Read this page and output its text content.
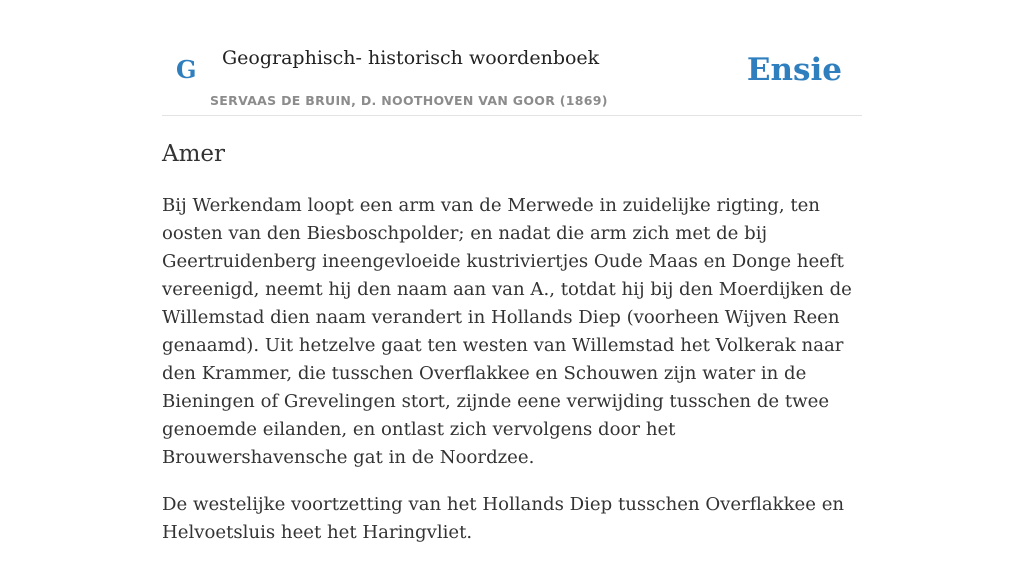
G Geographisch- historisch woordenboek
SERVAAS DE BRUIN, D. NOOTHOVEN VAN GOOR (1869)
Ensie
Amer

Bij Werkendam loopt een arm van de Merwede in zuidelijke rigting, ten oosten van den Biesboschpolder; en nadat die arm zich met de bij Geertruidenberg ineengevloeide kustriviertjes Oude Maas en Donge heeft vereenigd, neemt hij den naam aan van A., totdat hij bij den Moerdijken de Willemstad dien naam verandert in Hollands Diep (voorheen Wijven Reen genaamd). Uit hetzelve gaat ten westen van Willemstad het Volkerak naar den Krammer, die tusschen Overflakkee en Schouwen zijn water in de Bieningen of Grevelingen stort, zijnde eene verwijding tusschen de twee genoemde eilanden, en ontlast zich vervolgens door het Brouwershavensche gat in de Noordzee.

De westelijke voortzetting van het Hollands Diep tusschen Overflakkee en Helvoetsluis heet het Haringvliet.
